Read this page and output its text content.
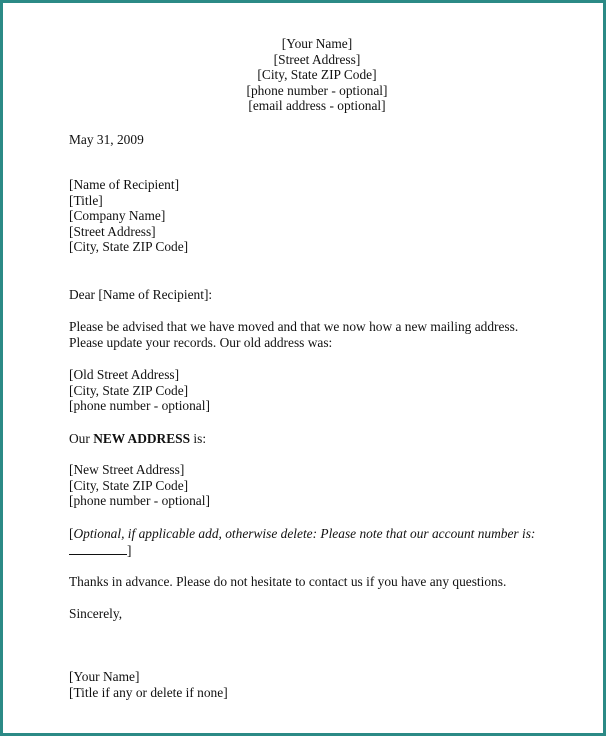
[Your Name]
[Street Address]
[City, State ZIP Code]
[phone number - optional]
[email address - optional]
May 31, 2009
[Name of Recipient]
[Title]
[Company Name]
[Street Address]
[City, State ZIP Code]
Dear [Name of Recipient]:
Please be advised that we have moved and that we now how a new mailing address.
Please update your records. Our old address was:
[Old Street Address]
[City, State ZIP Code]
[phone number - optional]
Our NEW ADDRESS is:
[New Street Address]
[City, State ZIP Code]
[phone number - optional]
[Optional, if applicable add, otherwise delete: Please note that our account number is:
]
Thanks in advance. Please do not hesitate to contact us if you have any questions.
Sincerely,
[Your Name]
[Title if any or delete if none]
